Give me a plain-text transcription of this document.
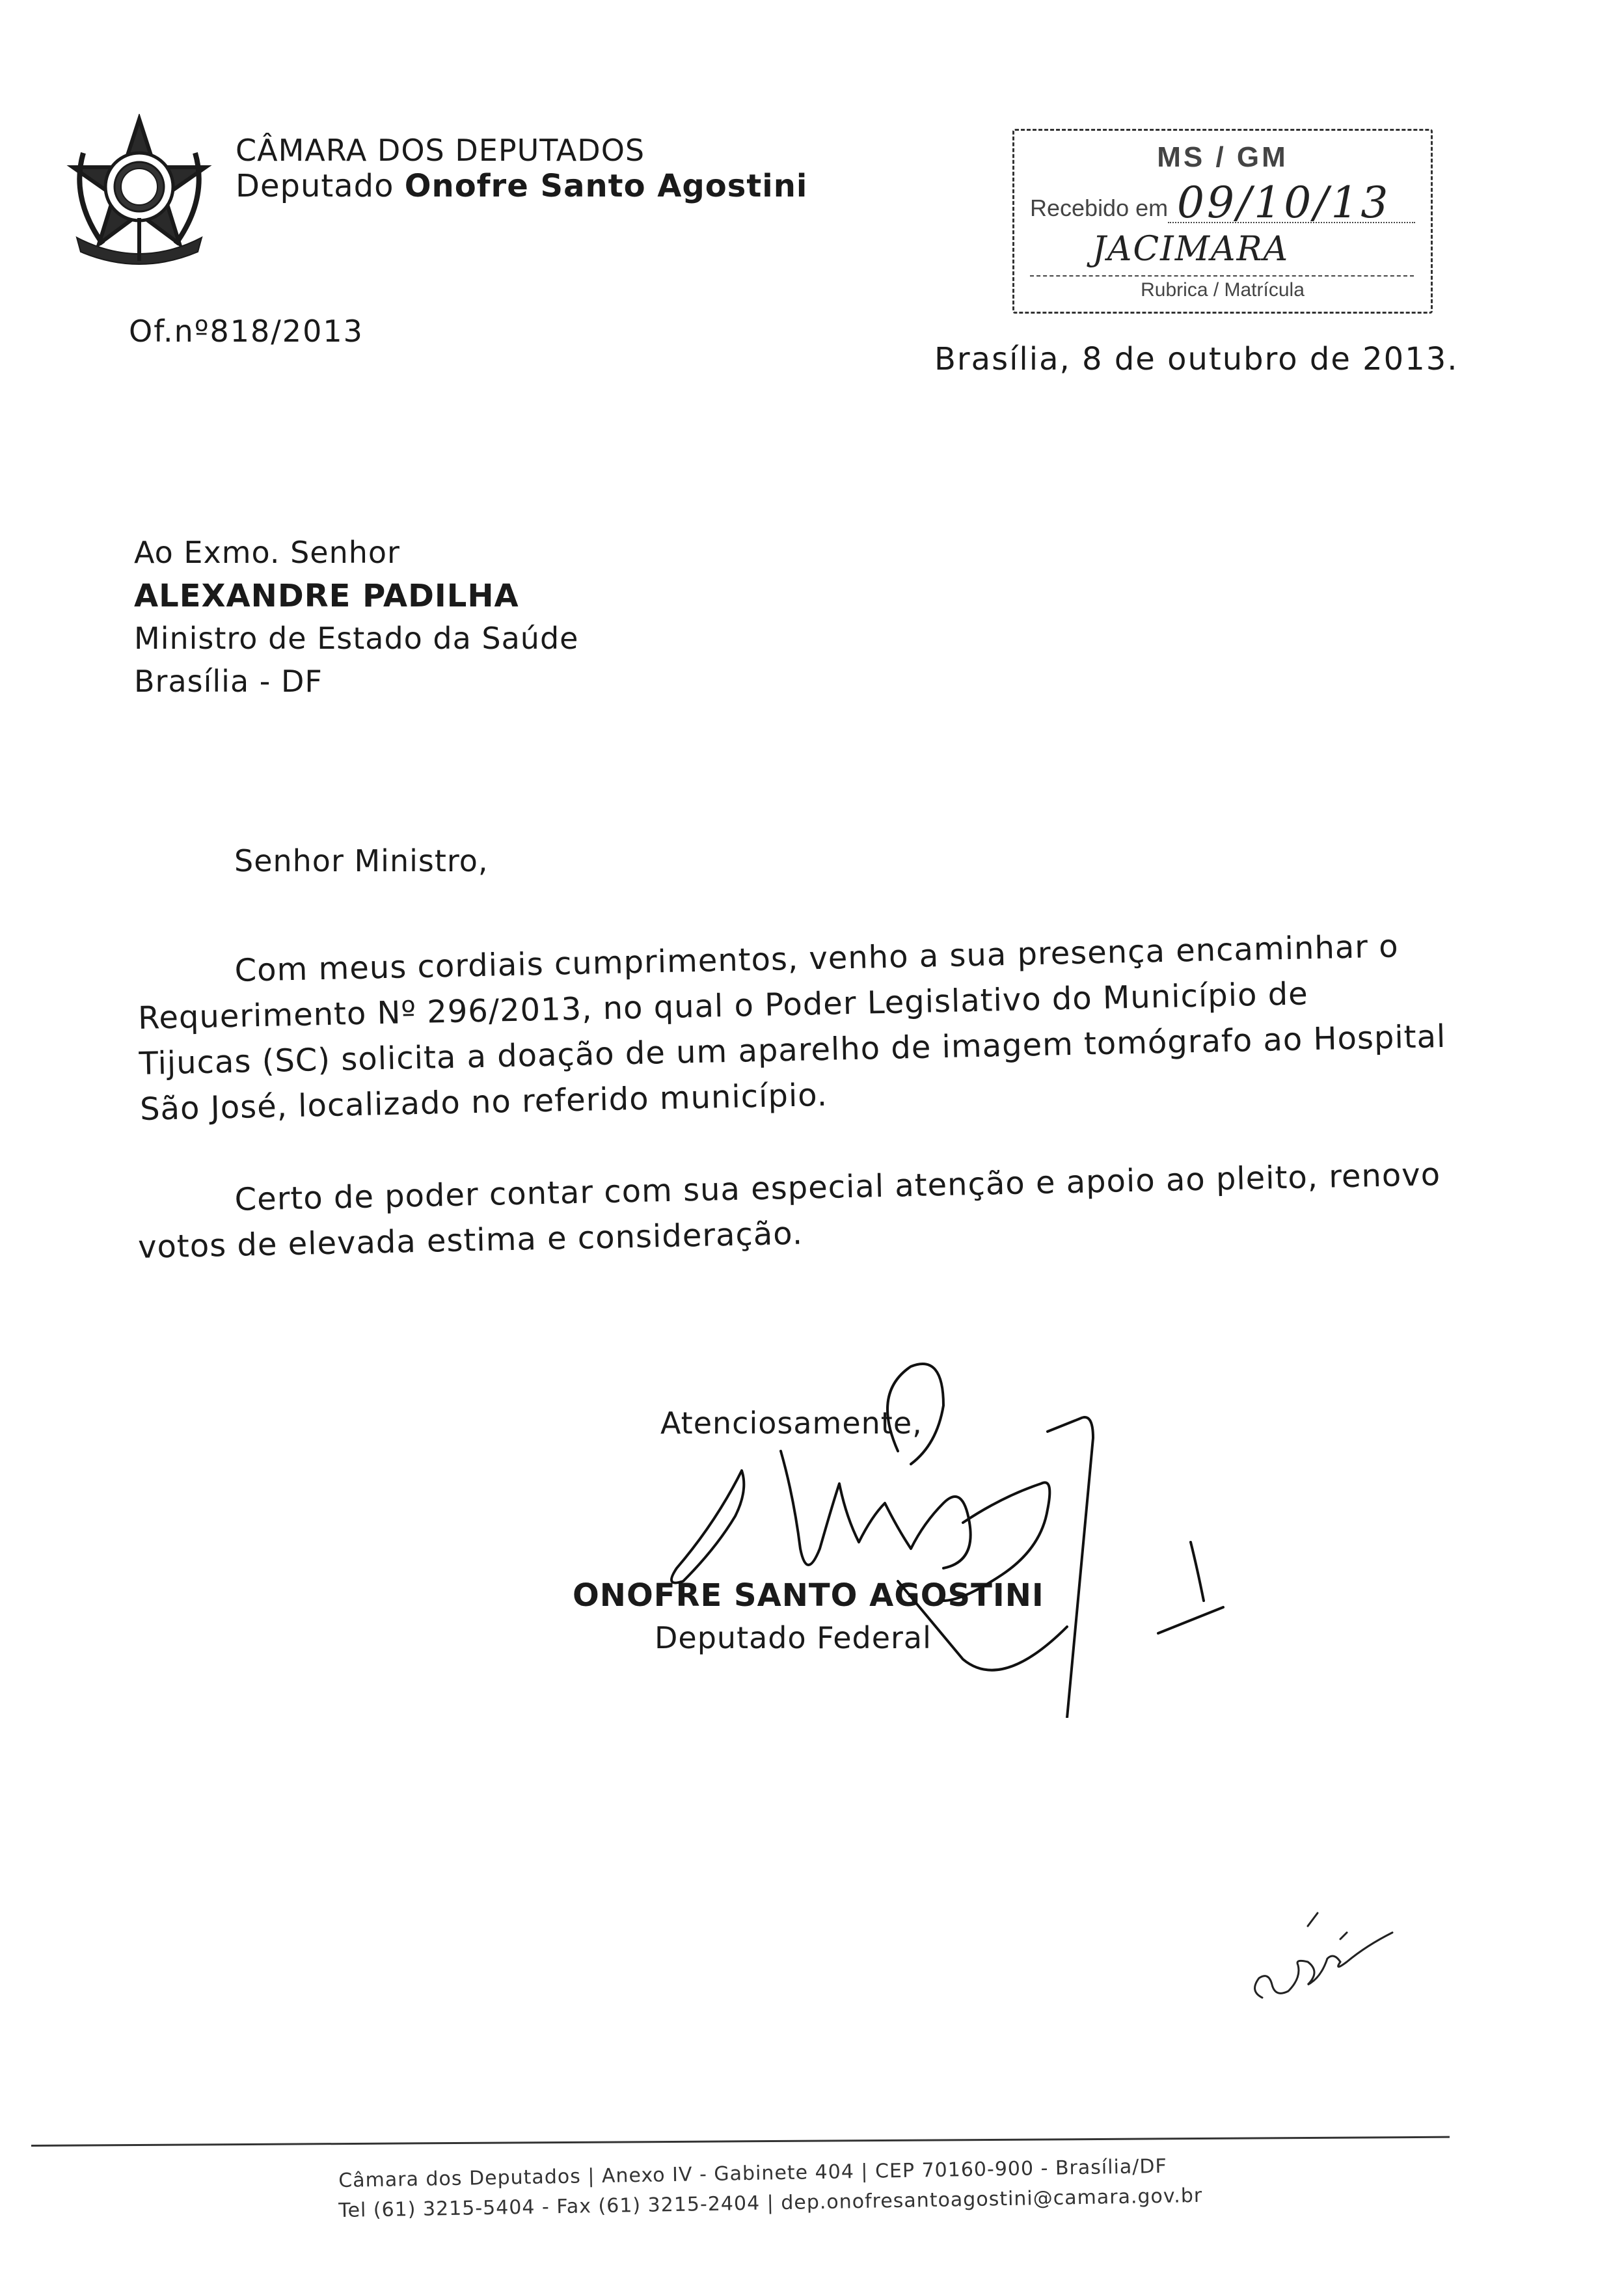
CÂMARA DOS DEPUTADOS
Deputado Onofre Santo Agostini
MS / GM
Recebido em 09/10/13
JACIMARA
Rubrica / Matrícula
Of.nº818/2013
Brasília, 8 de outubro de 2013.
Ao Exmo. Senhor
ALEXANDRE PADILHA
Ministro de Estado da Saúde
Brasília - DF
Senhor Ministro,
Com meus cordiais cumprimentos, venho a sua presença encaminhar o
Requerimento Nº 296/2013, no qual o Poder Legislativo do Município de
Tijucas (SC) solicita a doação de um aparelho de imagem tomógrafo ao Hospital
São José, localizado no referido município.
Certo de poder contar com sua especial atenção e apoio ao pleito, renovo
votos de elevada estima e consideração.
Atenciosamente,
ONOFRE SANTO AGOSTINI
Deputado Federal
Câmara dos Deputados | Anexo IV - Gabinete 404 | CEP 70160-900 - Brasília/DF
Tel (61) 3215-5404 - Fax (61) 3215-2404 | dep.onofresantoagostini@camara.gov.br
